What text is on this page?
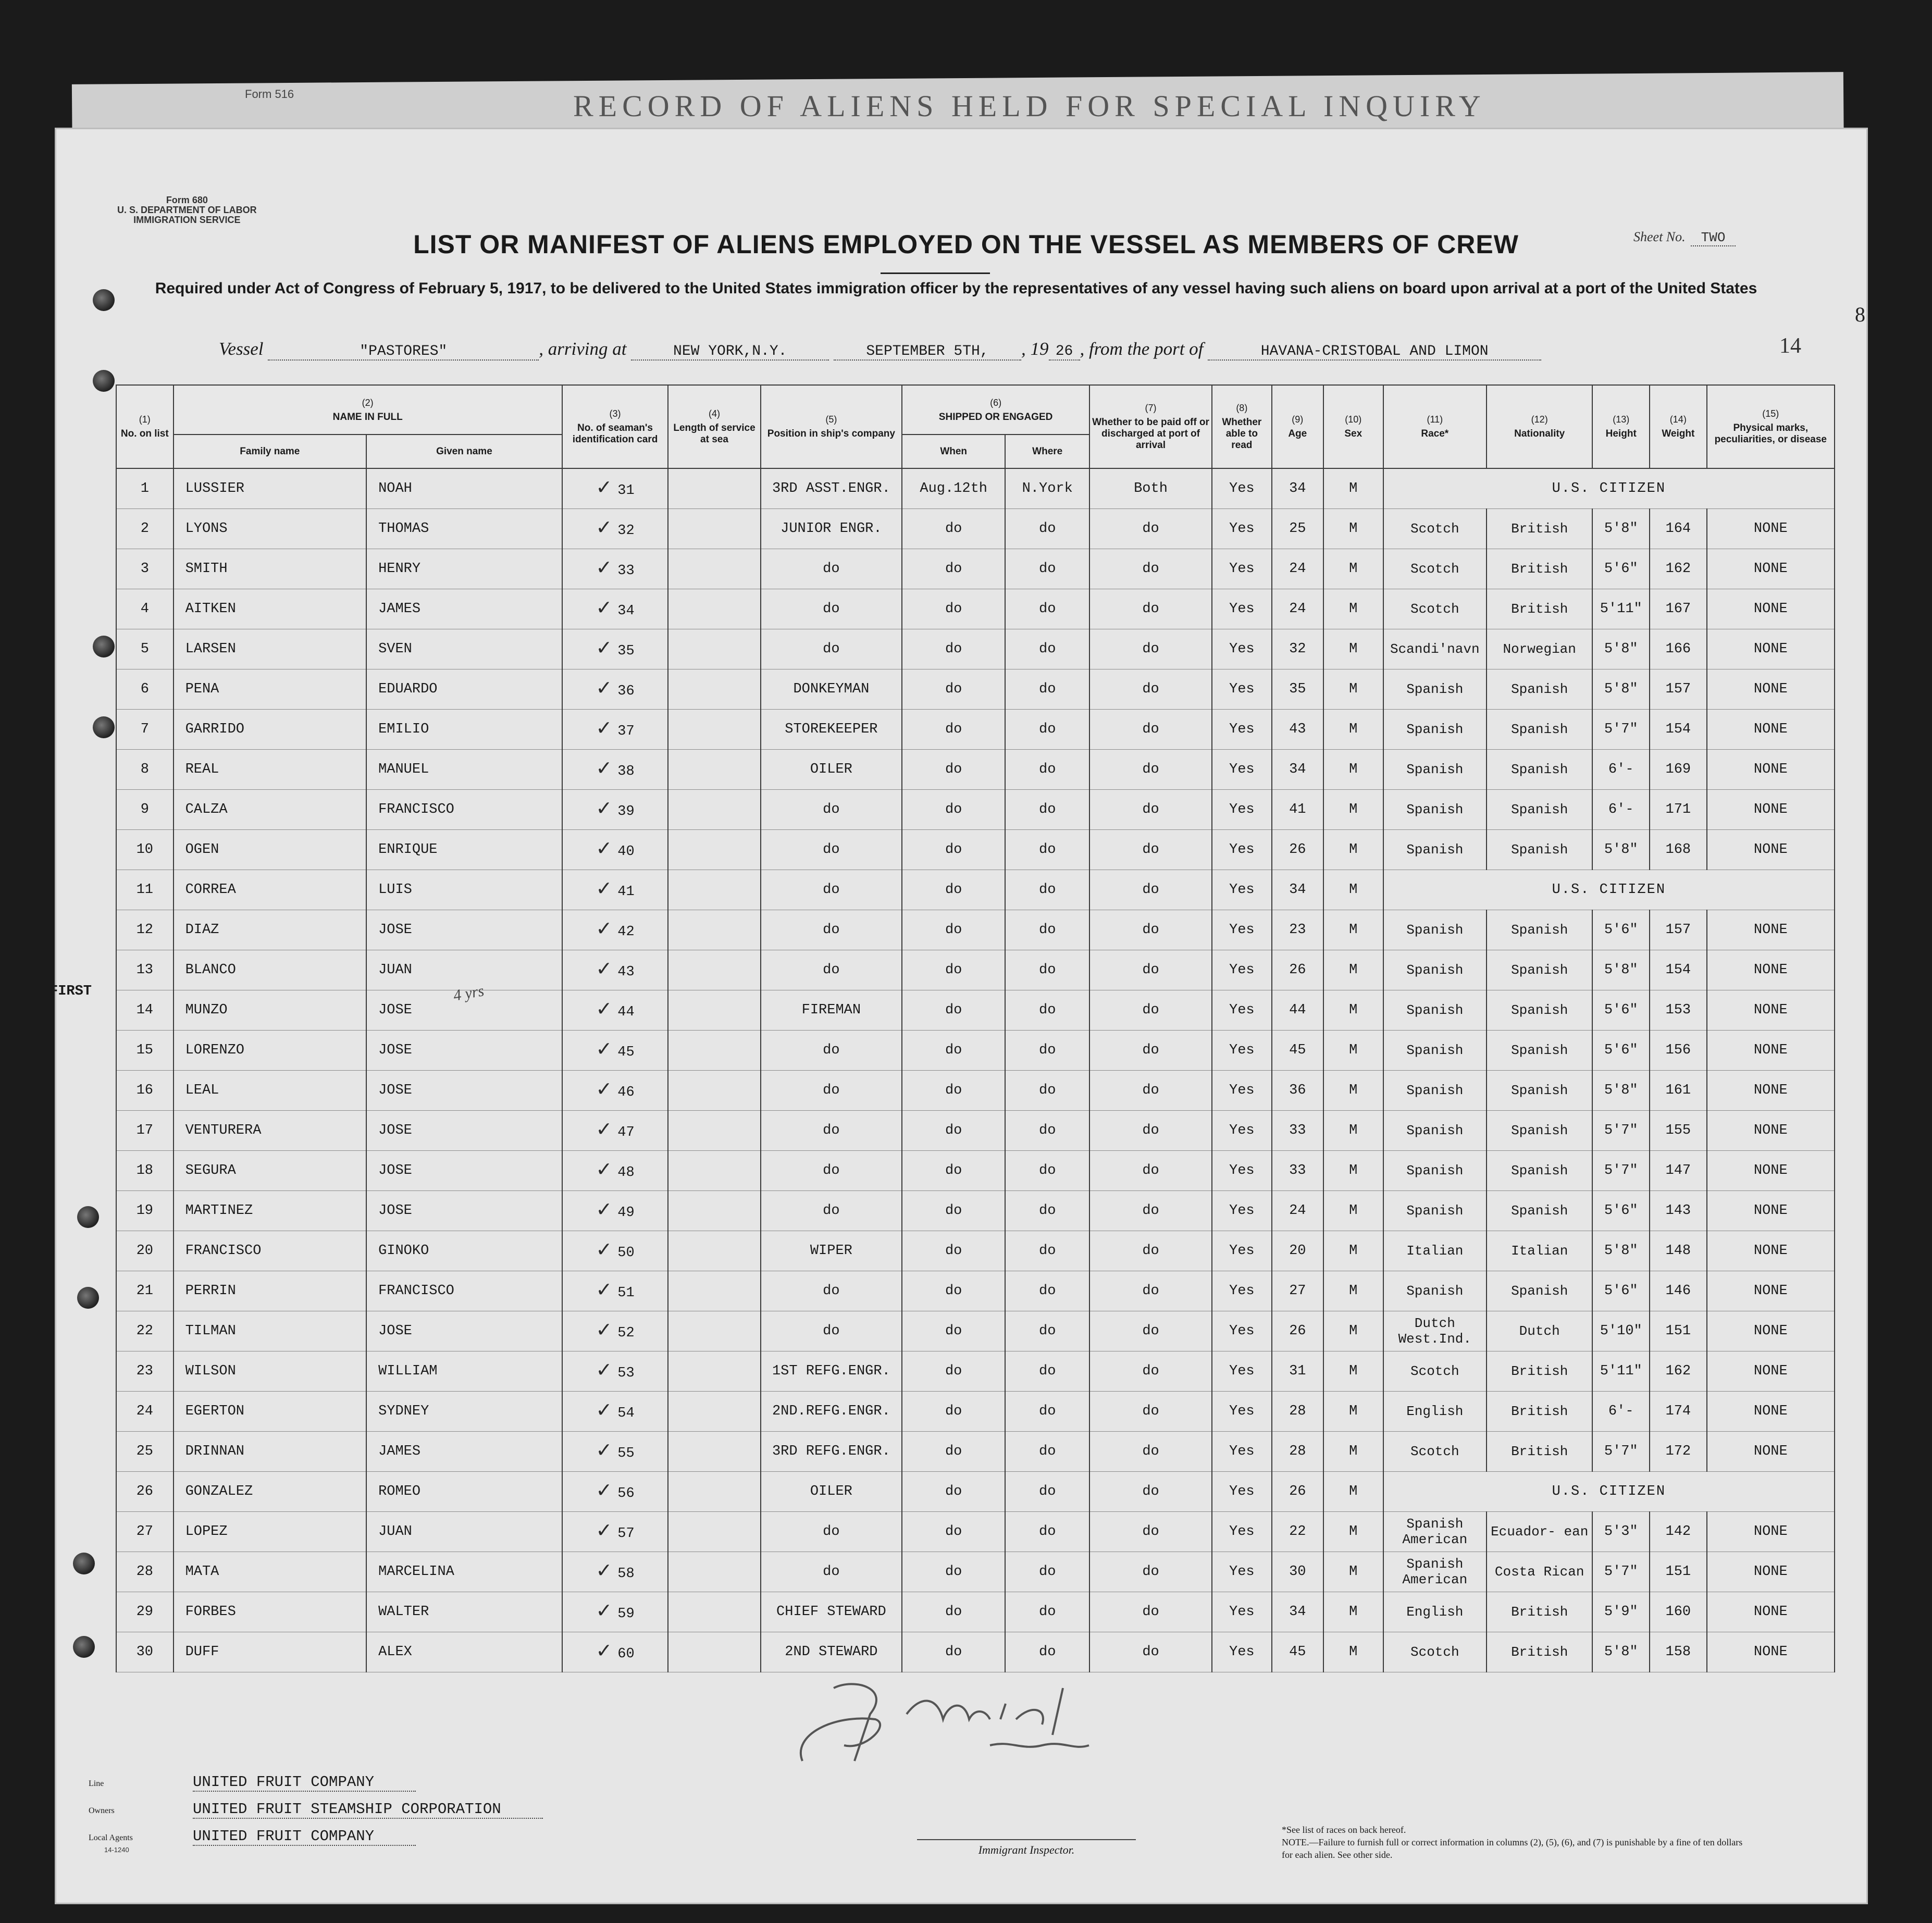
Form 516	RECORD OF ALIENS HELD FOR SPECIAL INQUIRY
Form 680
U. S. DEPARTMENT OF LABOR
IMMIGRATION SERVICE
LIST OR MANIFEST OF ALIENS EMPLOYED ON THE VESSEL AS MEMBERS OF CREW	Sheet No. TWO
Required under Act of Congress of February 5, 1917, to be delivered to the United States immigration officer by the representatives of any vessel having such aliens on board upon arrival at a port of the United States
Vessel	"PASTORES"	, arriving at	NEW YORK,N.Y.	SEPTEMBER 5TH, , 19 26 , from the port of	HAVANA-CRISTOBAL AND LIMON	14
8
(1)
No. on list	(2)
NAME IN FULL		(3)
No. of seaman's identification card	(4)
Length of service at sea	(5)
Position in ship's company	(6)
SHIPPED OR ENGAGED		(7)
Whether to be paid off or discharged at port of arrival	(8)
Whether able to read	(9)
Age	(10)
Sex	(11)
Race*	(12)
Nationality	(13)
Height	(14)
Weight	(15)
Physical marks, peculiarities, or disease
	Family name	Given name				When	Where									
1	LUSSIER	NOAH	✓ 31		3RD ASST.ENGR.	Aug.12th	N.York	Both	Yes	34	M	U.S. CITIZEN				
2	LYONS	THOMAS	✓ 32		JUNIOR ENGR.	do	do	do	Yes	25	M	Scotch	British	5'8"	164	NONE
3	SMITH	HENRY	✓ 33		do	do	do	do	Yes	24	M	Scotch	British	5'6"	162	NONE
4	AITKEN	JAMES	✓ 34		do	do	do	do	Yes	24	M	Scotch	British	5'11"	167	NONE
5	LARSEN	SVEN	✓ 35		do	do	do	do	Yes	32	M	Scandi'navn	Norwegian	5'8"	166	NONE
6	PENA	EDUARDO	✓ 36		DONKEYMAN	do	do	do	Yes	35	M	Spanish	Spanish	5'8"	157	NONE
7	GARRIDO	EMILIO	✓ 37		STOREKEEPER	do	do	do	Yes	43	M	Spanish	Spanish	5'7"	154	NONE
8	REAL	MANUEL	✓ 38		OILER	do	do	do	Yes	34	M	Spanish	Spanish	6'-	169	NONE
9	CALZA	FRANCISCO	✓ 39		do	do	do	do	Yes	41	M	Spanish	Spanish	6'-	171	NONE
10	OGEN	ENRIQUE	✓ 40		do	do	do	do	Yes	26	M	Spanish	Spanish	5'8"	168	NONE
11	CORREA	LUIS	✓ 41		do	do	do	do	Yes	34	M	U.S. CITIZEN				
12	DIAZ	JOSE	✓ 42		do	do	do	do	Yes	23	M	Spanish	Spanish	5'6"	157	NONE
13	BLANCO	JUAN	✓ 43		do	do	do	do	Yes	26	M	Spanish	Spanish	5'8"	154	NONE
14	MUNZO	JOSE	✓ 44		FIREMAN	do	do	do	Yes	44	M	Spanish	Spanish	5'6"	153	NONE
15	LORENZO	JOSE	✓ 45		do	do	do	do	Yes	45	M	Spanish	Spanish	5'6"	156	NONE
16	LEAL	JOSE	✓ 46		do	do	do	do	Yes	36	M	Spanish	Spanish	5'8"	161	NONE
17	VENTURERA	JOSE	✓ 47		do	do	do	do	Yes	33	M	Spanish	Spanish	5'7"	155	NONE
18	SEGURA	JOSE	✓ 48		do	do	do	do	Yes	33	M	Spanish	Spanish	5'7"	147	NONE
19	MARTINEZ	JOSE	✓ 49		do	do	do	do	Yes	24	M	Spanish	Spanish	5'6"	143	NONE
20	FRANCISCO	GINOKO	✓ 50		WIPER	do	do	do	Yes	20	M	Italian	Italian	5'8"	148	NONE
21	PERRIN	FRANCISCO	✓ 51		do	do	do	do	Yes	27	M	Spanish	Spanish	5'6"	146	NONE
22	TILMAN	JOSE	✓ 52		do	do	do	do	Yes	26	M	Dutch West.Ind.	Dutch	5'10"	151	NONE
23	WILSON	WILLIAM	✓ 53		1ST REFG.ENGR.	do	do	do	Yes	31	M	Scotch	British	5'11"	162	NONE
24	EGERTON	SYDNEY	✓ 54		2ND.REFG.ENGR.	do	do	do	Yes	28	M	English	British	6'-	174	NONE
25	DRINNAN	JAMES	✓ 55		3RD REFG.ENGR.	do	do	do	Yes	28	M	Scotch	British	5'7"	172	NONE
26	GONZALEZ	ROMEO	✓ 56		OILER	do	do	do	Yes	26	M	U.S. CITIZEN				
27	LOPEZ	JUAN	✓ 57		do	do	do	do	Yes	22	M	Spanish American	Ecuador- ean	5'3"	142	NONE
28	MATA	MARCELINA	✓ 58		do	do	do	do	Yes	30	M	Spanish American	Costa Rican	5'7"	151	NONE
29	FORBES	WALTER	✓ 59		CHIEF STEWARD	do	do	do	Yes	34	M	English	British	5'9"	160	NONE
30	DUFF	ALEX	✓ 60		2ND STEWARD	do	do	do	Yes	45	M	Scotch	British	5'8"	158	NONE
FIRST	4 yrs
Line	UNITED FRUIT COMPANY
Owners	UNITED FRUIT STEAMSHIP CORPORATION
Local Agents	UNITED FRUIT COMPANY
14-1240	Immigrant Inspector.
*See list of races on back hereof.
NOTE.—Failure to furnish full or correct information in columns (2), (5), (6), and (7) is punishable by a fine of ten dollars for each alien. See other side.
